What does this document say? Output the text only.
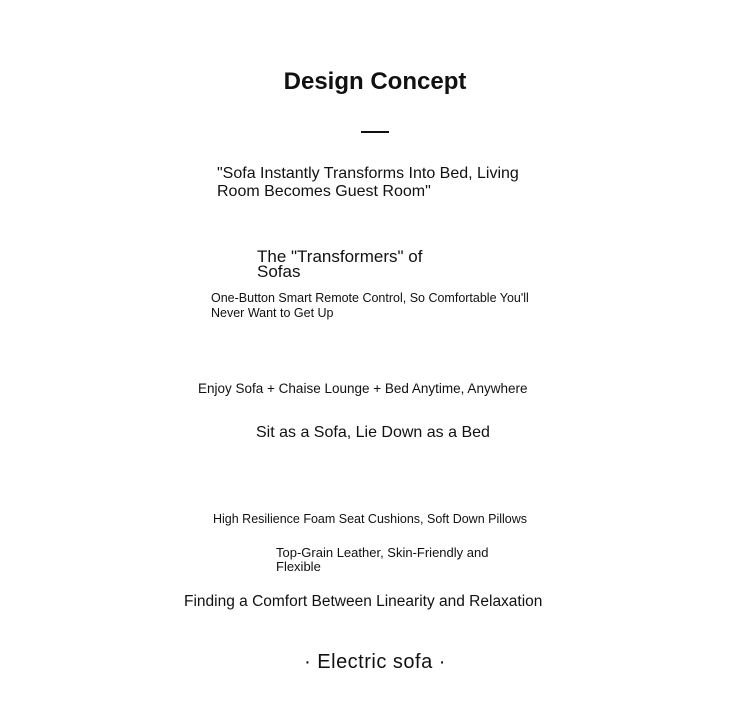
Design Concept

"Sofa Instantly Transforms Into Bed, Living Room Becomes Guest Room"

The "Transformers" of Sofas

One-Button Smart Remote Control, So Comfortable You'll Never Want to Get Up

Enjoy Sofa + Chaise Lounge + Bed Anytime, Anywhere

Sit as a Sofa, Lie Down as a Bed

High Resilience Foam Seat Cushions, Soft Down Pillows

Top-Grain Leather, Skin-Friendly and Flexible

Finding a Comfort Between Linearity and Relaxation

· Electric sofa ·
